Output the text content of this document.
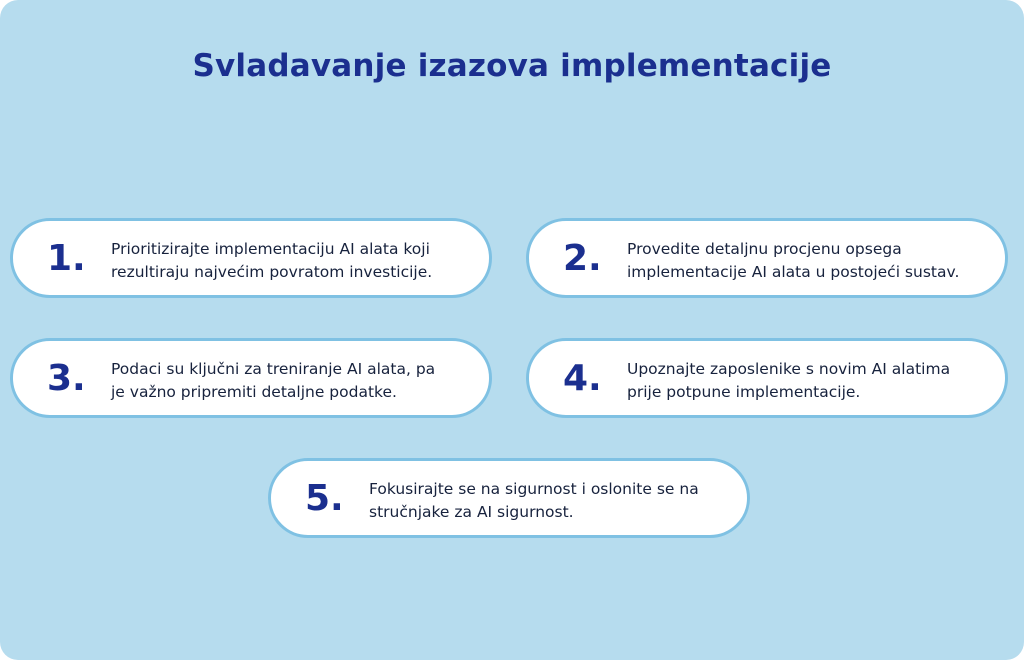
Svladavanje izazova implementacije
1. Prioritizirajte implementaciju AI alata koji
rezultiraju najvećim povratom investicije.	2. Provedite detaljnu procjenu opsega
implementacije AI alata u postojeći sustav.
3. Podaci su ključni za treniranje AI alata, pa
je važno pripremiti detaljne podatke.	4. Upoznajte zaposlenike s novim AI alatima
prije potpune implementacije.
5. Fokusirajte se na sigurnost i oslonite se na
stručnjake za AI sigurnost.
